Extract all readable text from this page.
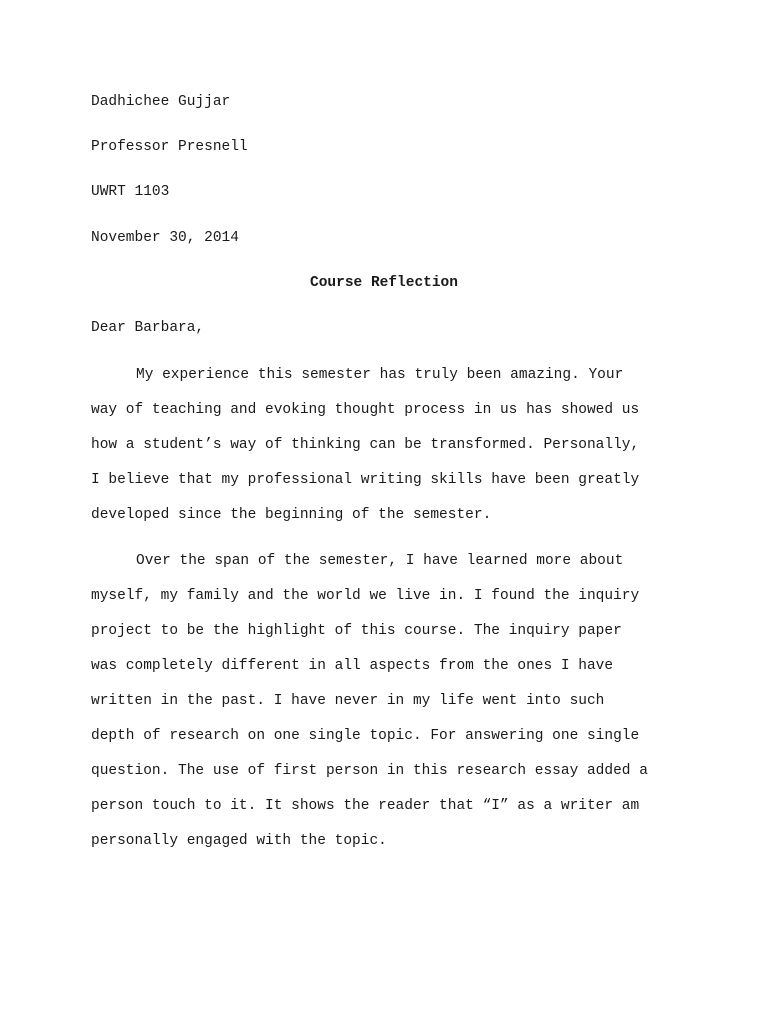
Dadhichee Gujjar
Professor Presnell
UWRT 1103
November 30, 2014
Course Reflection
Dear Barbara,
My experience this semester has truly been amazing. Your
way of teaching and evoking thought process in us has showed us
how a student’s way of thinking can be transformed. Personally,
I believe that my professional writing skills have been greatly
developed since the beginning of the semester.
Over the span of the semester, I have learned more about
myself, my family and the world we live in. I found the inquiry
project to be the highlight of this course. The inquiry paper
was completely different in all aspects from the ones I have
written in the past. I have never in my life went into such
depth of research on one single topic. For answering one single
question. The use of first person in this research essay added a
person touch to it. It shows the reader that “I” as a writer am
personally engaged with the topic.
